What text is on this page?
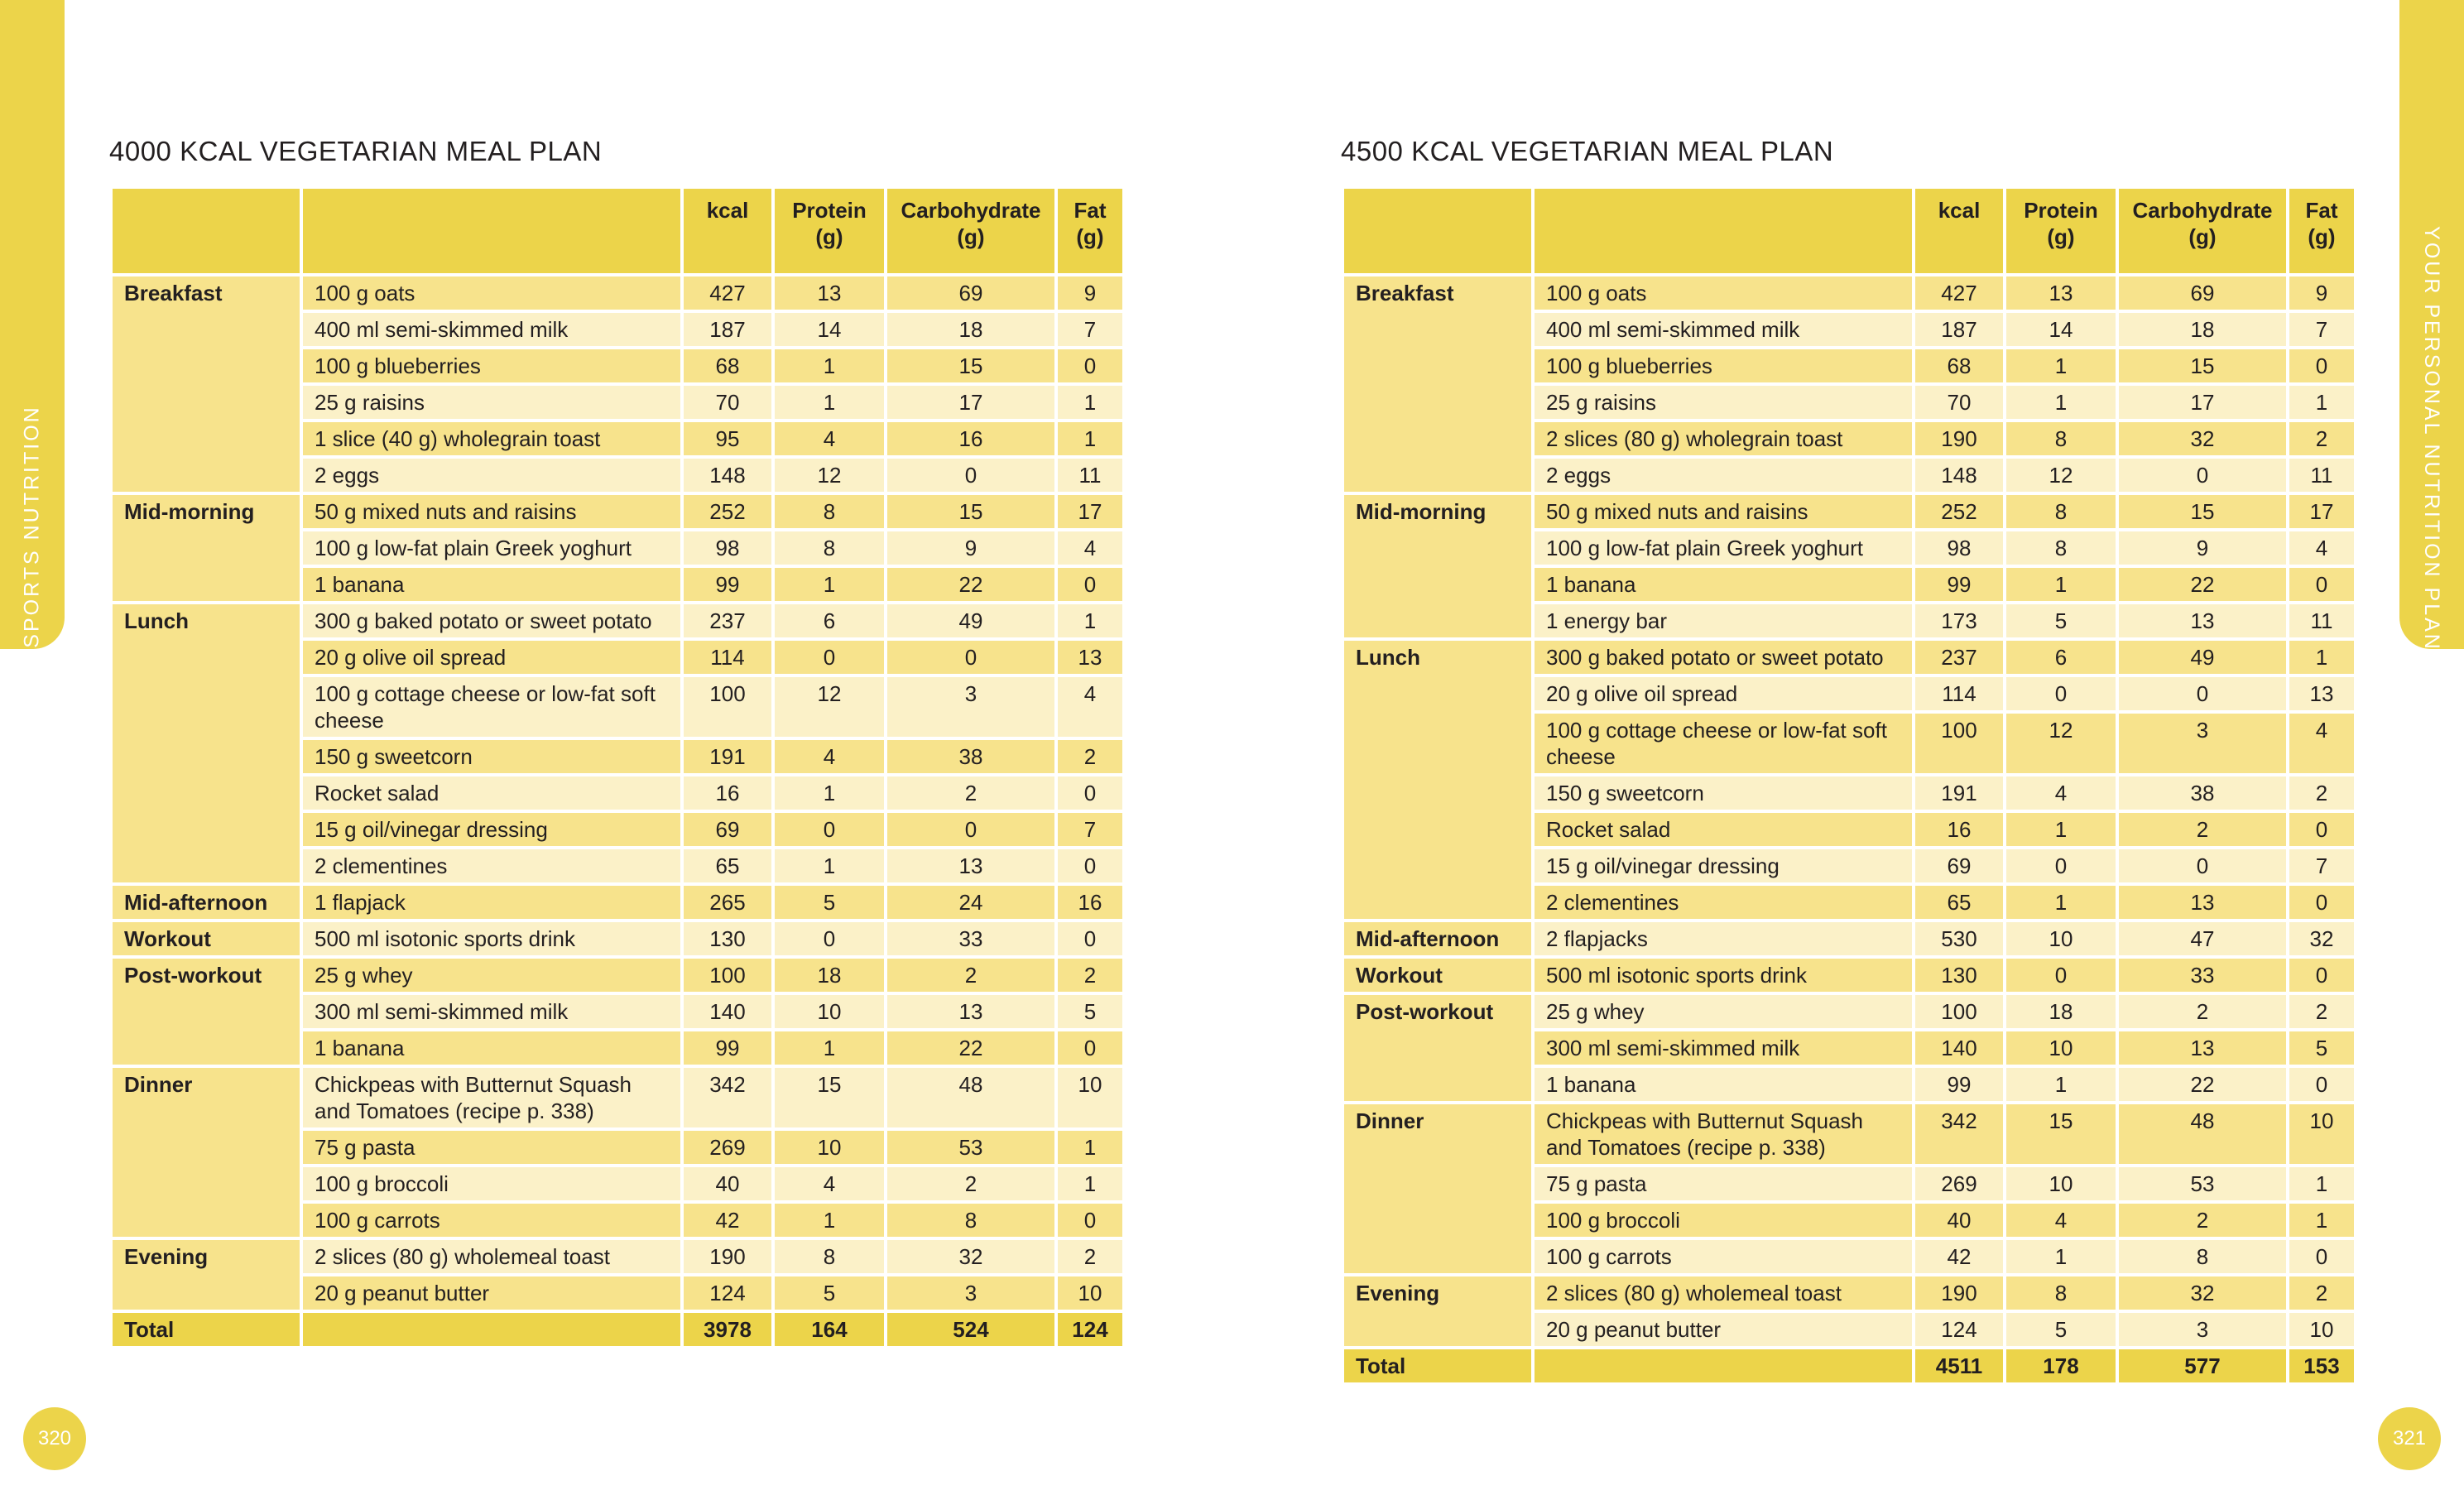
SPORTS NUTRITION	YOUR PERSONAL NUTRITION PLAN
4000 KCAL VEGETARIAN MEAL PLAN
		kcal	Protein (g)	Carbohydrate (g)	Fat (g)
Breakfast	100 g oats	427	13	69	9
	400 ml semi-skimmed milk	187	14	18	7
	100 g blueberries	68	1	15	0
	25 g raisins	70	1	17	1
	1 slice (40 g) wholegrain toast	95	4	16	1
	2 eggs	148	12	0	11
Mid-morning	50 g mixed nuts and raisins	252	8	15	17
	100 g low-fat plain Greek yoghurt	98	8	9	4
	1 banana	99	1	22	0
Lunch	300 g baked potato or sweet potato	237	6	49	1
	20 g olive oil spread	114	0	0	13
	100 g cottage cheese or low-fat soft cheese	100	12	3	4
	150 g sweetcorn	191	4	38	2
	Rocket salad	16	1	2	0
	15 g oil/vinegar dressing	69	0	0	7
	2 clementines	65	1	13	0
Mid-afternoon	1 flapjack	265	5	24	16
Workout	500 ml isotonic sports drink	130	0	33	0
Post-workout	25 g whey	100	18	2	2
	300 ml semi-skimmed milk	140	10	13	5
	1 banana	99	1	22	0
Dinner	Chickpeas with Butternut Squash and Tomatoes (recipe p. 338)	342	15	48	10
	75 g pasta	269	10	53	1
	100 g broccoli	40	4	2	1
	100 g carrots	42	1	8	0
Evening	2 slices (80 g) wholemeal toast	190	8	32	2
	20 g peanut butter	124	5	3	10
Total		3978	164	524	124
4500 KCAL VEGETARIAN MEAL PLAN
		kcal	Protein (g)	Carbohydrate (g)	Fat (g)
Breakfast	100 g oats	427	13	69	9
	400 ml semi-skimmed milk	187	14	18	7
	100 g blueberries	68	1	15	0
	25 g raisins	70	1	17	1
	2 slices (80 g) wholegrain toast	190	8	32	2
	2 eggs	148	12	0	11
Mid-morning	50 g mixed nuts and raisins	252	8	15	17
	100 g low-fat plain Greek yoghurt	98	8	9	4
	1 banana	99	1	22	0
	1 energy bar	173	5	13	11
Lunch	300 g baked potato or sweet potato	237	6	49	1
	20 g olive oil spread	114	0	0	13
	100 g cottage cheese or low-fat soft cheese	100	12	3	4
	150 g sweetcorn	191	4	38	2
	Rocket salad	16	1	2	0
	15 g oil/vinegar dressing	69	0	0	7
	2 clementines	65	1	13	0
Mid-afternoon	2 flapjacks	530	10	47	32
Workout	500 ml isotonic sports drink	130	0	33	0
Post-workout	25 g whey	100	18	2	2
	300 ml semi-skimmed milk	140	10	13	5
	1 banana	99	1	22	0
Dinner	Chickpeas with Butternut Squash and Tomatoes (recipe p. 338)	342	15	48	10
	75 g pasta	269	10	53	1
	100 g broccoli	40	4	2	1
	100 g carrots	42	1	8	0
Evening	2 slices (80 g) wholemeal toast	190	8	32	2
	20 g peanut butter	124	5	3	10
Total		4511	178	577	153
320	321
